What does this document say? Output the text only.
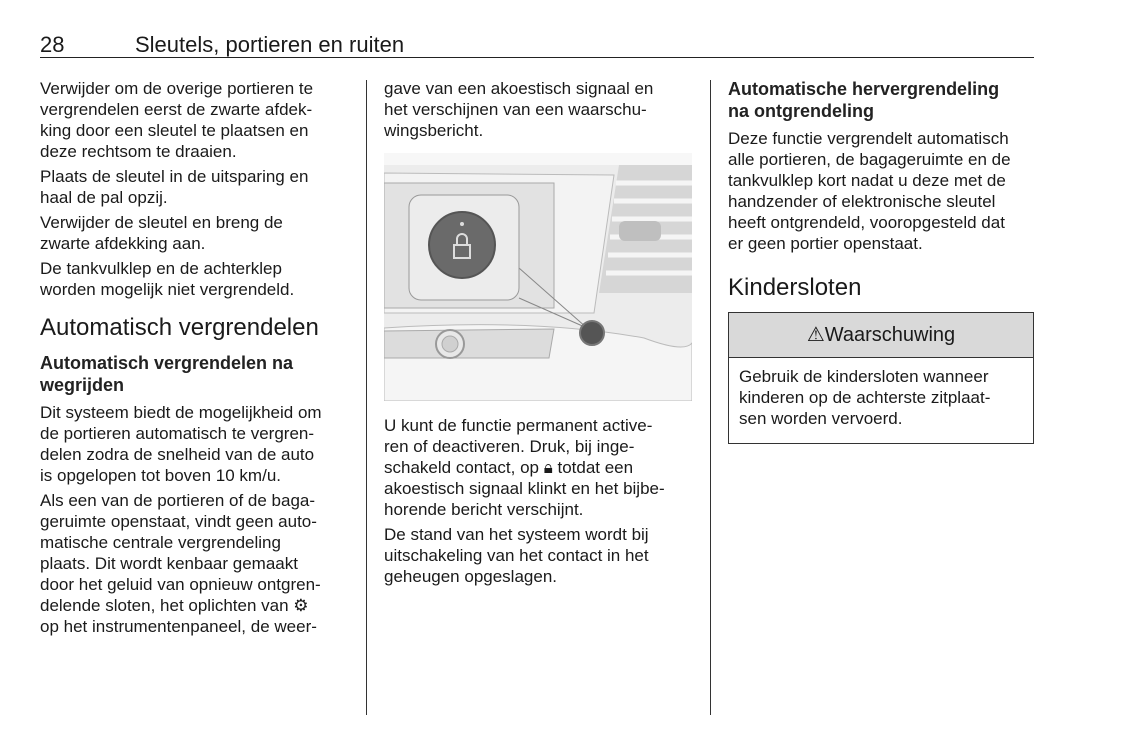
28	Sleutels, portieren en ruiten

Verwijder om de overige portieren te
vergrendelen eerst de zwarte afdek-
king door een sleutel te plaatsen en
deze rechtsom te draaien.

Plaats de sleutel in de uitsparing en
haal de pal opzij.

Verwijder de sleutel en breng de
zwarte afdekking aan.

De tankvulklep en de achterklep
worden mogelijk niet vergrendeld.

Automatisch vergrendelen
Automatisch vergrendelen na
wegrijden

Dit systeem biedt de mogelijkheid om
de portieren automatisch te vergren-
delen zodra de snelheid van de auto
is opgelopen tot boven 10 km/u.

Als een van de portieren of de baga-
geruimte openstaat, vindt geen auto-
matische centrale vergrendeling
plaats. Dit wordt kenbaar gemaakt
door het geluid van opnieuw ontgren-
delende sloten, het oplichten van ⚙
op het instrumentenpaneel, de weer-

gave van een akoestisch signaal en
het verschijnen van een waarschu-
wingsbericht.

U kunt de functie permanent active-
ren of deactiveren. Druk, bij inge-
schakeld contact, op 🔒︎ totdat een
akoestisch signaal klinkt en het bijbe-
horende bericht verschijnt.

De stand van het systeem wordt bij
uitschakeling van het contact in het
geheugen opgeslagen.

Automatische hervergrendeling
na ontgrendeling

Deze functie vergrendelt automatisch
alle portieren, de bagageruimte en de
tankvulklep kort nadat u deze met de
handzender of elektronische sleutel
heeft ontgrendeld, vooropgesteld dat
er geen portier openstaat.

Kindersloten
⚠Waarschuwing

Gebruik de kindersloten wanneer
kinderen op de achterste zitplaat-
sen worden vervoerd.
